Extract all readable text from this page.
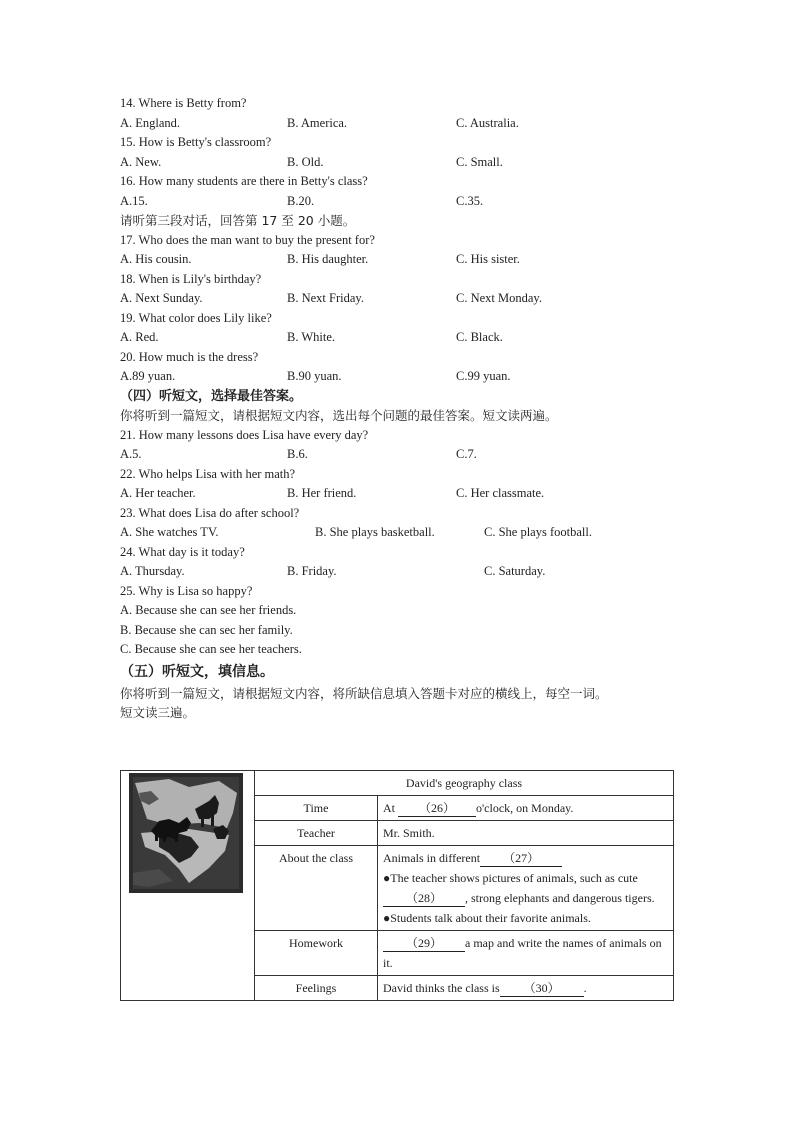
14. Where is Betty from?
A. England.	B. America.	C. Australia.
15. How is Betty's classroom?
A. New.	B. Old.	C. Small.
16. How many students are there in Betty's class?
A.15.	B.20.	C.35.
请听第三段对话，回答第 17 至 20 小题。
17. Who does the man want to buy the present for?
A. His cousin.	B. His daughter.	C. His sister.
18. When is Lily's birthday?
A. Next Sunday.	B. Next Friday.	C. Next Monday.
19. What color does Lily like?
A. Red.	B. White.	C. Black.
20. How much is the dress?
A.89 yuan.	B.90 yuan.	C.99 yuan.
（四）听短文，选择最佳答案。
你将听到一篇短文，请根据短文内容，选出每个问题的最佳答案。短文读两遍。
21. How many lessons does Lisa have every day?
A.5.	B.6.	C.7.
22. Who helps Lisa with her math?
A. Her teacher.	B. Her friend.	C. Her classmate.
23. What does Lisa do after school?
A. She watches TV.	B. She plays basketball.	C. She plays football.
24. What day is it today?
A. Thursday.	B. Friday.	C. Saturday.
25. Why is Lisa so happy?
A. Because she can see her friends.
B. Because she can sec her family.
C. Because she can see her teachers.
（五）听短文，填信息。
你将听到一篇短文，请根据短文内容，将所缺信息填入答题卡对应的横线上，每空一词。
短文读三遍。
	David's geography class	
	Time	At （26） o'clock, on Monday.
	Teacher	Mr. Smith.
	About the class	Animals in different （27）
●The teacher shows pictures of animals, such as cute（28） , strong elephants and dangerous tigers.
●Students talk about their favorite animals.

	Homework	（29） a map and write the names of animals on it.
	Feelings	David thinks the class is （30） .
